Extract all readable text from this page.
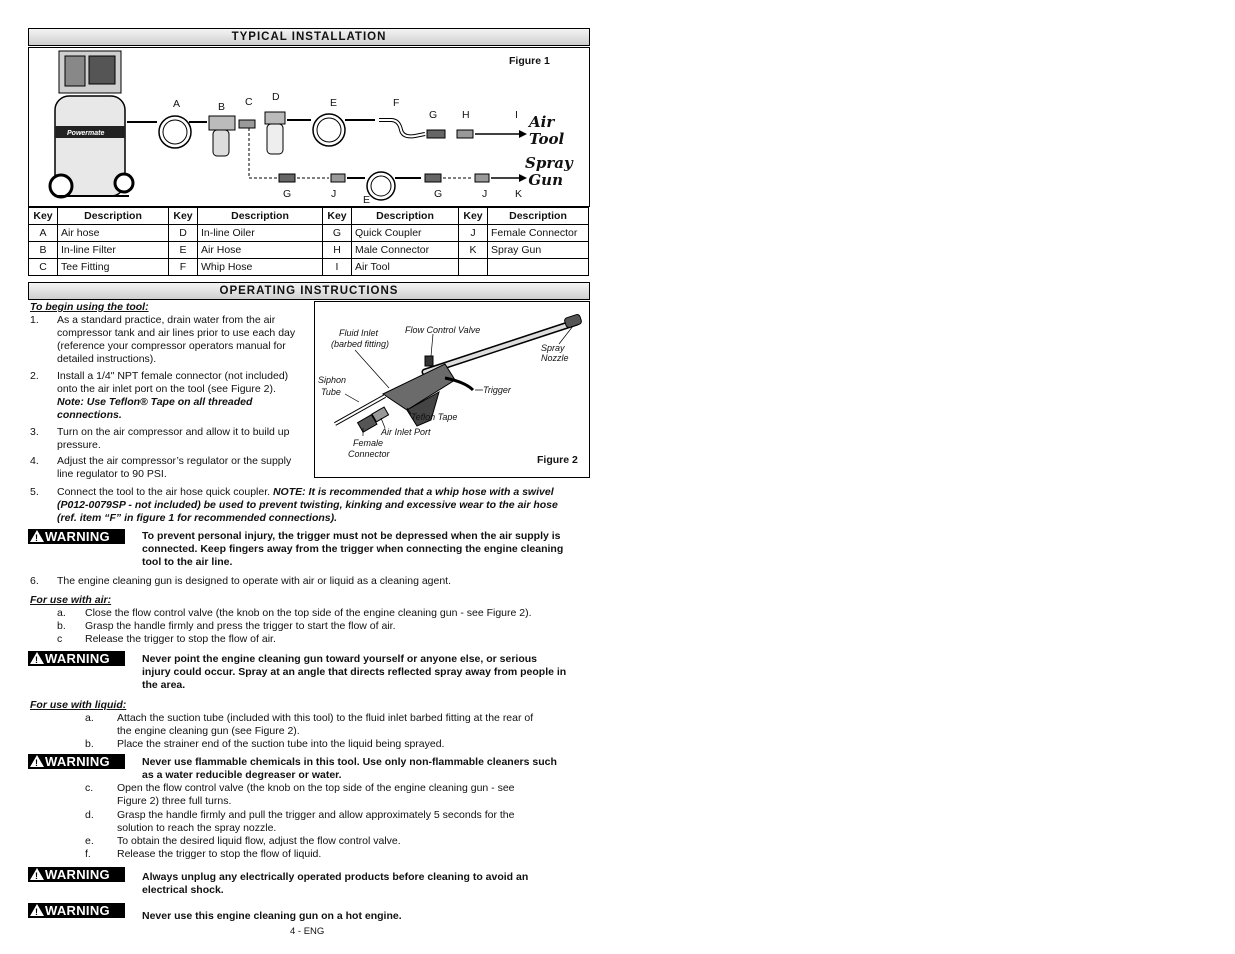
TYPICAL INSTALLATION
Figure 1
Powermate
A	B C D	E	F
G H	I
G	J	E	G	J	K
Air
Tool
Spray
Gun
Key	Description	Key	Description	Key	Description	Key	Description
A	Air hose	D	In-line Oiler	G	Quick Coupler	J	Female Connector
B	In-line Filter	E	Air Hose	H	Male Connector	K	Spray Gun
C	Tee Fitting	F	Whip Hose	I	Air Tool		
OPERATING INSTRUCTIONS
To begin using the tool:
1.	As a standard practice, drain water from the air
compressor tank and air lines prior to use each day
(reference your compressor operators manual for
detailed instructions).
2.	Install a 1/4" NPT female connector (not included)
onto the air inlet port on the tool (see Figure 2).
Note: Use Teflon® Tape on all threaded
connections.
3.	Turn on the air compressor and allow it to build up
pressure.
4.	Adjust the air compressor’s regulator or the supply
line regulator to 90 PSI.
Fluid Inlet
(barbed fitting)
Flow Control Valve
Spray Nozzle
Siphon
Tube	Trigger
Teflon Tape
Air Inlet Port
Female
Connector	Figure 2
5.	Connect the tool to the air hose quick coupler. NOTE: It is recommended that a whip hose with a swivel
(P012-0079SP - not included) be used to prevent twisting, kinking and excessive wear to the air hose
(ref. item “F” in figure 1 for recommended connections).
! WARNING	To prevent personal injury, the trigger must not be depressed when the air supply is
connected. Keep fingers away from the trigger when connecting the engine cleaning
tool to the air line.
6.	The engine cleaning gun is designed to operate with air or liquid as a cleaning agent.
For use with air:
a. Close the flow control valve (the knob on the top side of the engine cleaning gun - see Figure 2).
b. Grasp the handle firmly and press the trigger to start the flow of air.
c Release the trigger to stop the flow of air.
! WARNING	Never point the engine cleaning gun toward yourself or anyone else, or serious
injury could occur. Spray at an angle that directs reflected spray away from people in
the area.
For use with liquid:
a. Attach the suction tube (included with this tool) to the fluid inlet barbed fitting at the rear of
the engine cleaning gun (see Figure 2).
b. Place the strainer end of the suction tube into the liquid being sprayed.
! WARNING	Never use flammable chemicals in this tool. Use only non-flammable cleaners such
as a water reducible degreaser or water.
c. Open the flow control valve (the knob on the top side of the engine cleaning gun - see
Figure 2) three full turns.
d. Grasp the handle firmly and pull the trigger and allow approximately 5 seconds for the
solution to reach the spray nozzle.
e. To obtain the desired liquid flow, adjust the flow control valve.
f. Release the trigger to stop the flow of liquid.
! WARNING	Always unplug any electrically operated products before cleaning to avoid an
electrical shock.
! WARNING	Never use this engine cleaning gun on a hot engine.
4 - ENG
